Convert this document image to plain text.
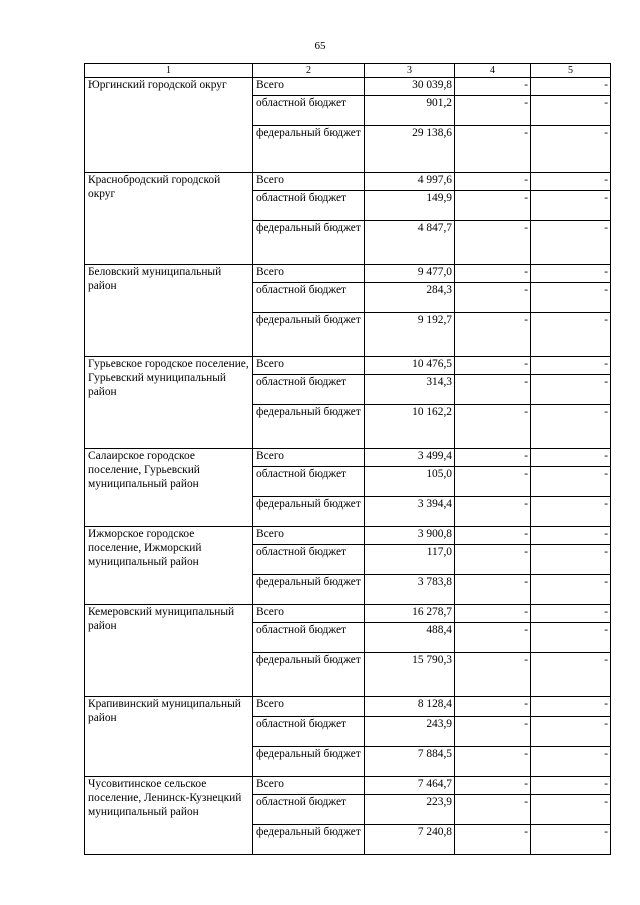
65
1	2	3	4	5
Юргинский городской округ	Всего	30 039,8	-	-
	областной бюджет	901,2	-	-
	федеральный бюджет	29 138,6	-	-
Краснобродский городской округ	Всего	4 997,6	-	-
	областной бюджет	149,9	-	-
	федеральный бюджет	4 847,7	-	-
Беловский муниципальный район	Всего	9 477,0	-	-
	областной бюджет	284,3	-	-
	федеральный бюджет	9 192,7	-	-
Гурьевское городское поселение, Гурьевский муниципальный район	Всего	10 476,5	-	-
	областной бюджет	314,3	-	-
	федеральный бюджет	10 162,2	-	-
Салаирское городское поселение, Гурьевский муниципальный район	Всего	3 499,4	-	-
	областной бюджет	105,0	-	-
	федеральный бюджет	3 394,4	-	-
Ижморское городское поселение, Ижморский муниципальный район	Всего	3 900,8	-	-
	областной бюджет	117,0	-	-
	федеральный бюджет	3 783,8	-	-
Кемеровский муниципальный район	Всего	16 278,7	-	-
	областной бюджет	488,4	-	-
	федеральный бюджет	15 790,3	-	-
Крапивинский муниципальный район	Всего	8 128,4	-	-
	областной бюджет	243,9	-	-
	федеральный бюджет	7 884,5	-	-
Чусовитинское сельское поселение, Ленинск-Кузнецкий муниципальный район	Всего	7 464,7	-	-
	областной бюджет	223,9	-	-
	федеральный бюджет	7 240,8	-	-
